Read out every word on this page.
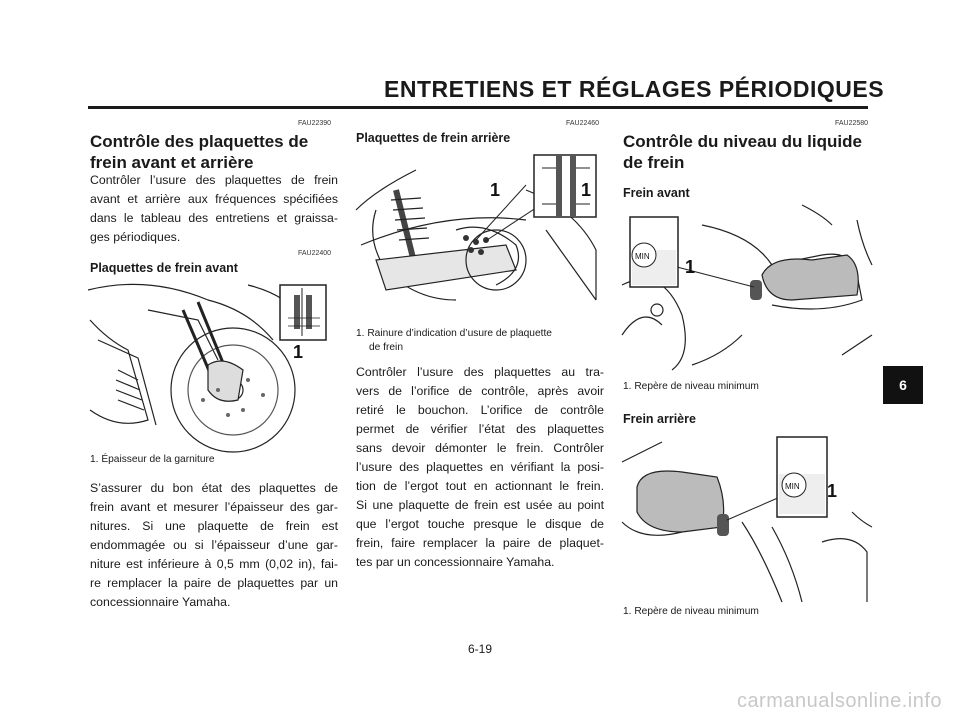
ENTRETIENS ET RÉGLAGES PÉRIODIQUES
FAU22390
Contrôle des plaquettes de
frein avant et arrière
Contrôler l’usure des plaquettes de frein
avant et arrière aux fréquences spécifiées
dans le tableau des entretiens et graissa-
ges périodiques.
FAU22400
Plaquettes de frein avant
1
1. Épaisseur de la garniture
S’assurer du bon état des plaquettes de
frein avant et mesurer l’épaisseur des gar-
nitures. Si une plaquette de frein est
endommagée ou si l’épaisseur d’une gar-
niture est inférieure à 0,5 mm (0,02 in), fai-
re remplacer la paire de plaquettes par un
concessionnaire Yamaha.
FAU22460
Plaquettes de frein arrière
1	1
1. Rainure d’indication d’usure de plaquette
de frein
Contrôler l’usure des plaquettes au tra-
vers de l’orifice de contrôle, après avoir
retiré le bouchon. L’orifice de contrôle
permet de vérifier l’état des plaquettes
sans devoir démonter le frein. Contrôler
l’usure des plaquettes en vérifiant la posi-
tion de l’ergot tout en actionnant le frein.
Si une plaquette de frein est usée au point
que l’ergot touche presque le disque de
frein, faire remplacer la paire de plaquet-
tes par un concessionnaire Yamaha.
FAU22580
Contrôle du niveau du liquide
de frein
Frein avant
MIN
1
1. Repère de niveau minimum
Frein arrière
MIN 1
1. Repère de niveau minimum
6-19
6
carmanualsonline.info
